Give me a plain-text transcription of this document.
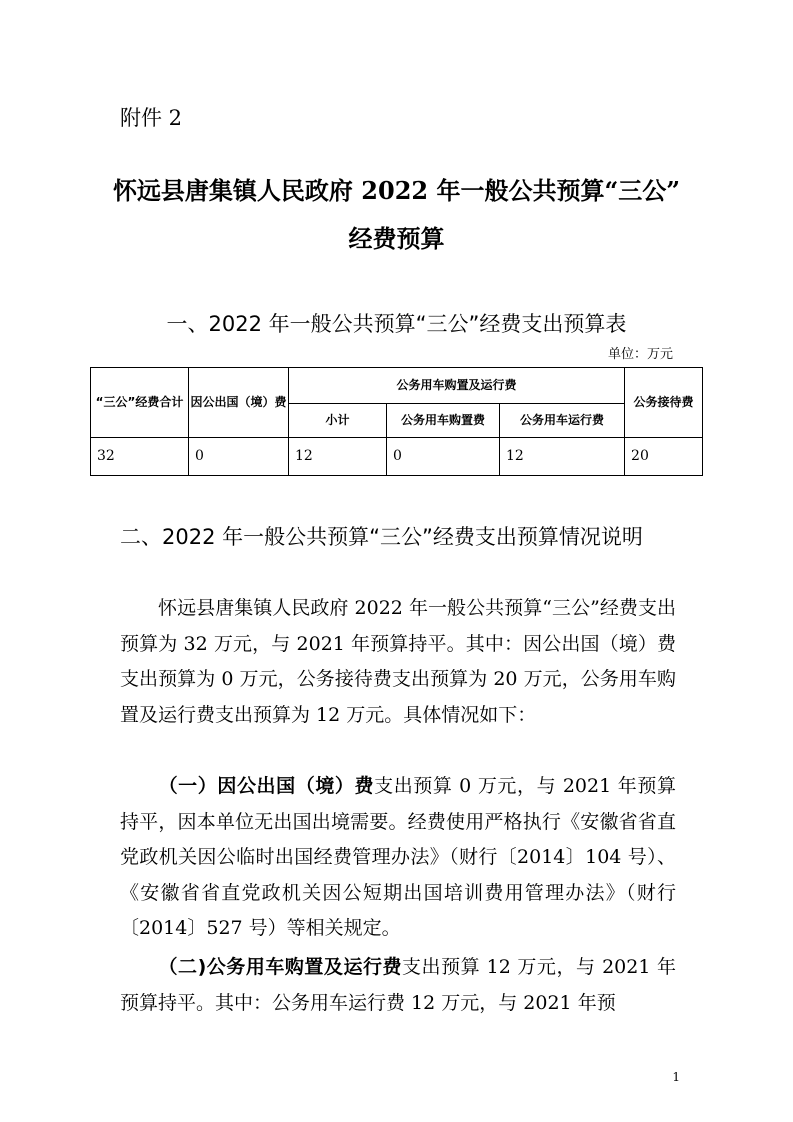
附件 2
怀远县唐集镇人民政府 2022 年一般公共预算“三公”
经费预算
一、2022 年一般公共预算“三公”经费支出预算表
单位：万元
“三公”经费合计	因公出国（境）费	公务用车购置及运行费			公务接待费
		小计	公务用车购置费	公务用车运行费	
32	0	12	0	12	20
二、2022 年一般公共预算“三公”经费支出预算情况说明
怀远县唐集镇人民政府 2022 年一般公共预算“三公”经费支出预算为 32 万元，与 2021 年预算持平。其中：因公出国（境）费支出预算为 0 万元，公务接待费支出预算为 20 万元，公务用车购置及运行费支出预算为 12 万元。具体情况如下：
（一）因公出国（境）费支出预算 0 万元，与 2021 年预算持平，因本单位无出国出境需要。经费使用严格执行《安徽省省直党政机关因公临时出国经费管理办法》（财行〔2014〕104 号）、《安徽省省直党政机关因公短期出国培训费用管理办法》（财行〔2014〕527 号）等相关规定。
（二)公务用车购置及运行费支出预算 12 万元，与 2021 年预算持平。其中：公务用车运行费 12 万元，与 2021 年预
1
